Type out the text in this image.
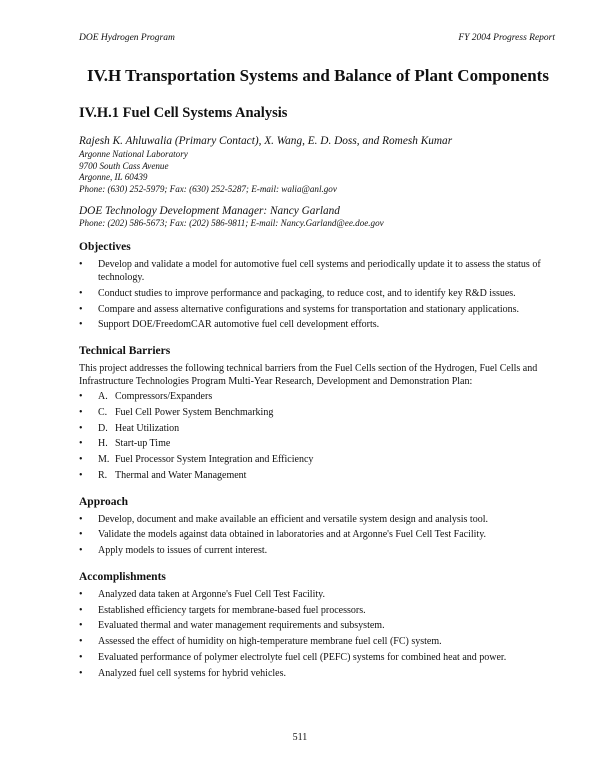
DOE Hydrogen Program	FY 2004 Progress Report
IV.H Transportation Systems and Balance of Plant Components
IV.H.1 Fuel Cell Systems Analysis
Rajesh K. Ahluwalia (Primary Contact), X. Wang, E. D. Doss, and Romesh Kumar
Argonne National Laboratory
9700 South Cass Avenue
Argonne, IL 60439
Phone: (630) 252-5979; Fax: (630) 252-5287; E-mail: walia@anl.gov
DOE Technology Development Manager: Nancy Garland
Phone: (202) 586-5673; Fax: (202) 586-9811; E-mail: Nancy.Garland@ee.doe.gov
Objectives
• Develop and validate a model for automotive fuel cell systems and periodically update it to assess the status of technology.
• Conduct studies to improve performance and packaging, to reduce cost, and to identify key R&D issues.
• Compare and assess alternative configurations and systems for transportation and stationary applications.
• Support DOE/FreedomCAR automotive fuel cell development efforts.
Technical Barriers

This project addresses the following technical barriers from the Fuel Cells section of the Hydrogen, Fuel Cells and Infrastructure Technologies Program Multi-Year Research, Development and Demonstration Plan:

• A. Compressors/Expanders
• C. Fuel Cell Power System Benchmarking
• D. Heat Utilization
• H. Start-up Time
• M. Fuel Processor System Integration and Efficiency
• R. Thermal and Water Management
Approach
• Develop, document and make available an efficient and versatile system design and analysis tool.
• Validate the models against data obtained in laboratories and at Argonne's Fuel Cell Test Facility.
• Apply models to issues of current interest.
Accomplishments
• Analyzed data taken at Argonne's Fuel Cell Test Facility.
• Established efficiency targets for membrane-based fuel processors.
• Evaluated thermal and water management requirements and subsystem.
• Assessed the effect of humidity on high-temperature membrane fuel cell (FC) system.
• Evaluated performance of polymer electrolyte fuel cell (PEFC) systems for combined heat and power.
• Analyzed fuel cell systems for hybrid vehicles.
511
